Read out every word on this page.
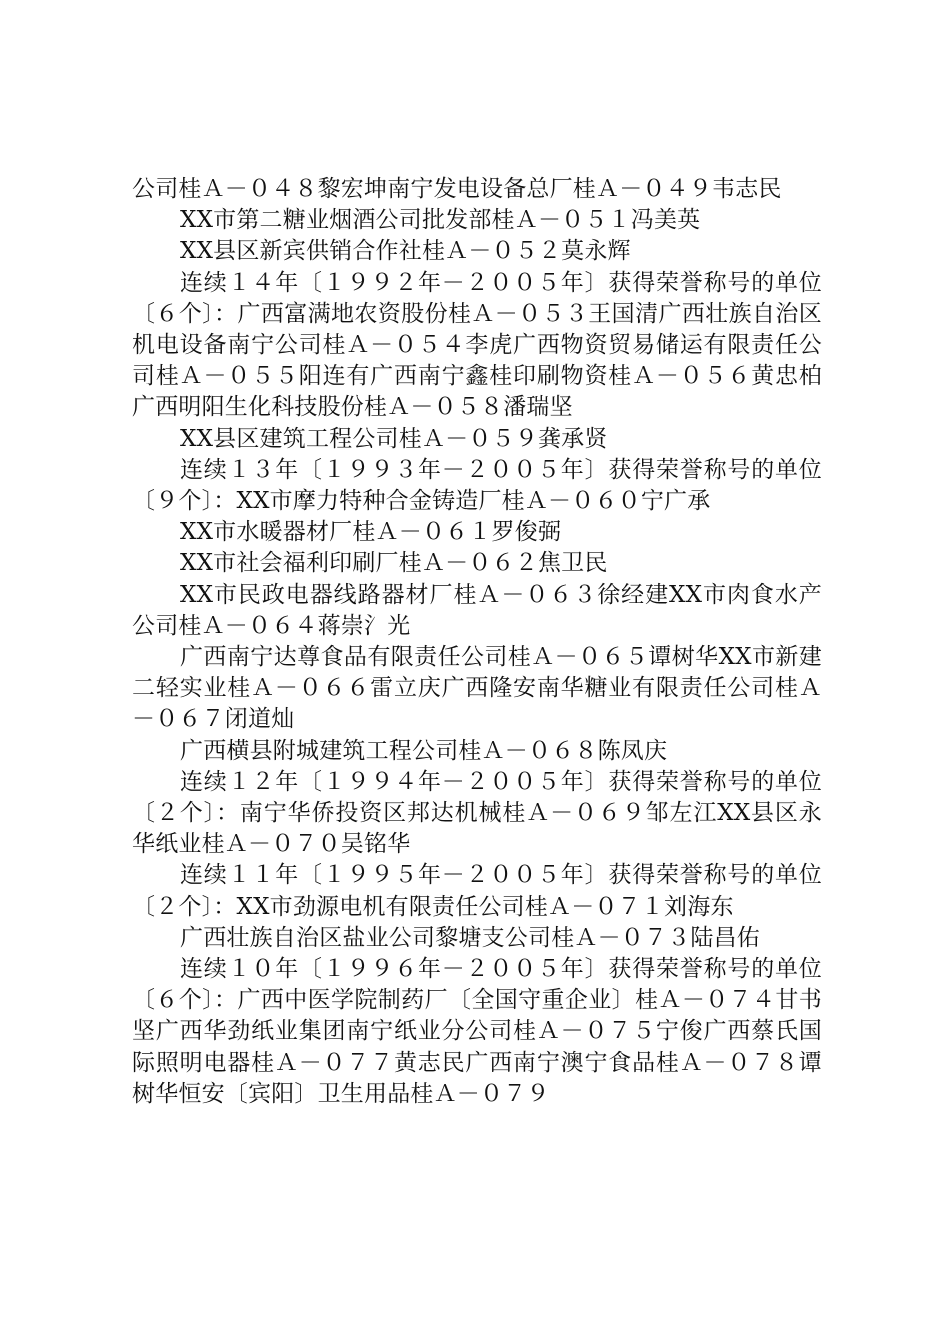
公司桂Ａ－０４８黎宏坤南宁发电设备总厂桂Ａ－０４９韦志民

XX市第二糖业烟酒公司批发部桂Ａ－０５１冯美英

XX县区新宾供销合作社桂Ａ－０５２莫永辉

连续１４年〔１９９２年－２００５年〕获得荣誉称号的单位〔６个〕：广西富满地农资股份桂Ａ－０５３王国清广西壮族自治区机电设备南宁公司桂Ａ－０５４李虎广西物资贸易储运有限责任公司桂Ａ－０５５阳连有广西南宁鑫桂印刷物资桂Ａ－０５６黄忠柏广西明阳生化科技股份桂Ａ－０５８潘瑞坚

XX县区建筑工程公司桂Ａ－０５９龚承贤

连续１３年〔１９９３年－２００５年〕获得荣誉称号的单位〔９个〕：XX市摩力特种合金铸造厂桂Ａ－０６０宁广承

XX市水暖器材厂桂Ａ－０６１罗俊弼

XX市社会福利印刷厂桂Ａ－０６２焦卫民

XX市民政电器线路器材厂桂Ａ－０６３徐经建XX市肉食水产公司桂Ａ－０６４蒋崇氵光

广西南宁达尊食品有限责任公司桂Ａ－０６５谭树华XX市新建二轻实业桂Ａ－０６６雷立庆广西隆安南华糖业有限责任公司桂Ａ－０６７闭道灿

广西横县附城建筑工程公司桂Ａ－０６８陈凤庆

连续１２年〔１９９４年－２００５年〕获得荣誉称号的单位〔２个〕：南宁华侨投资区邦达机械桂Ａ－０６９邹左江XX县区永华纸业桂Ａ－０７０吴铭华

连续１１年〔１９９５年－２００５年〕获得荣誉称号的单位〔２个〕：XX市劲源电机有限责任公司桂Ａ－０７１刘海东

广西壮族自治区盐业公司黎塘支公司桂Ａ－０７３陆昌佑

连续１０年〔１９９６年－２００５年〕获得荣誉称号的单位〔６个〕：广西中医学院制药厂〔全国守重企业〕桂Ａ－０７４甘书坚广西华劲纸业集团南宁纸业分公司桂Ａ－０７５宁俊广西蔡氏国际照明电器桂Ａ－０７７黄志民广西南宁澳宁食品桂Ａ－０７８谭树华恒安〔宾阳〕卫生用品桂Ａ－０７９
